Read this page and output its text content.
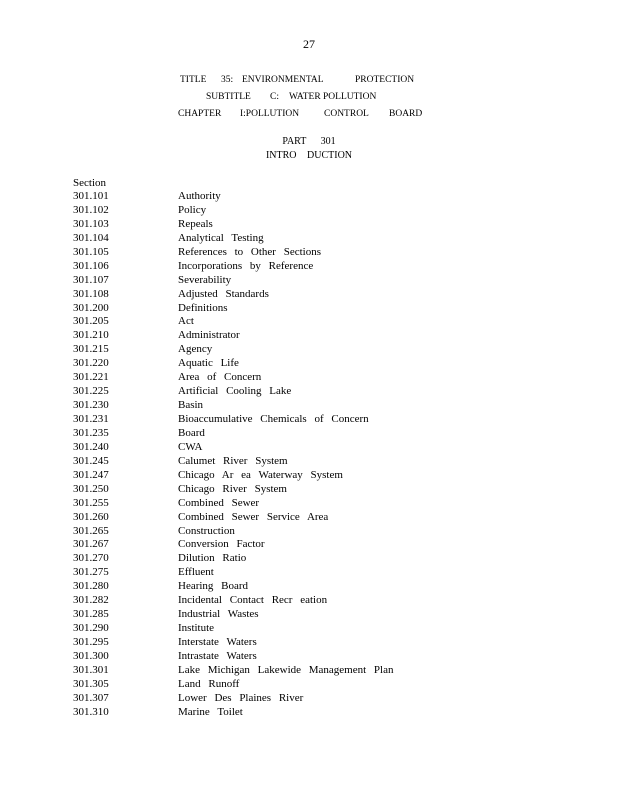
27
TITLE 35: ENVIRONMENTAL	PROTECTION
SUBTITLE C: WATER POLLUTION
CHAPTER I:POLLUTION	CONTROL BOARD
PART 301
INTRO DUCTION
Section
301.101	Authority
301.102	Policy
301.103	Repeals
301.104	Analytical Testing
301.105	References to Other Sections
301.106	Incorporations by Reference
301.107	Severability
301.108	Adjusted Standards
301.200	Definitions
301.205	Act
301.210	Administrator
301.215	Agency
301.220	Aquatic Life
301.221	Area of Concern
301.225	Artificial Cooling Lake
301.230	Basin
301.231	Bioaccumulative Chemicals of Concern
301.235	Board
301.240	CWA
301.245	Calumet River System
301.247	Chicago Ar ea Waterway System
301.250	Chicago River System
301.255	Combined Sewer
301.260	Combined Sewer Service Area
301.265	Construction
301.267	Conversion Factor
301.270	Dilution Ratio
301.275	Effluent
301.280	Hearing Board
301.282	Incidental Contact Recr eation
301.285	Industrial Wastes
301.290	Institute
301.295	Interstate Waters
301.300	Intrastate Waters
301.301	Lake Michigan Lakewide Management Plan
301.305	Land Runoff
301.307	Lower Des Plaines River
301.310	Marine Toilet
